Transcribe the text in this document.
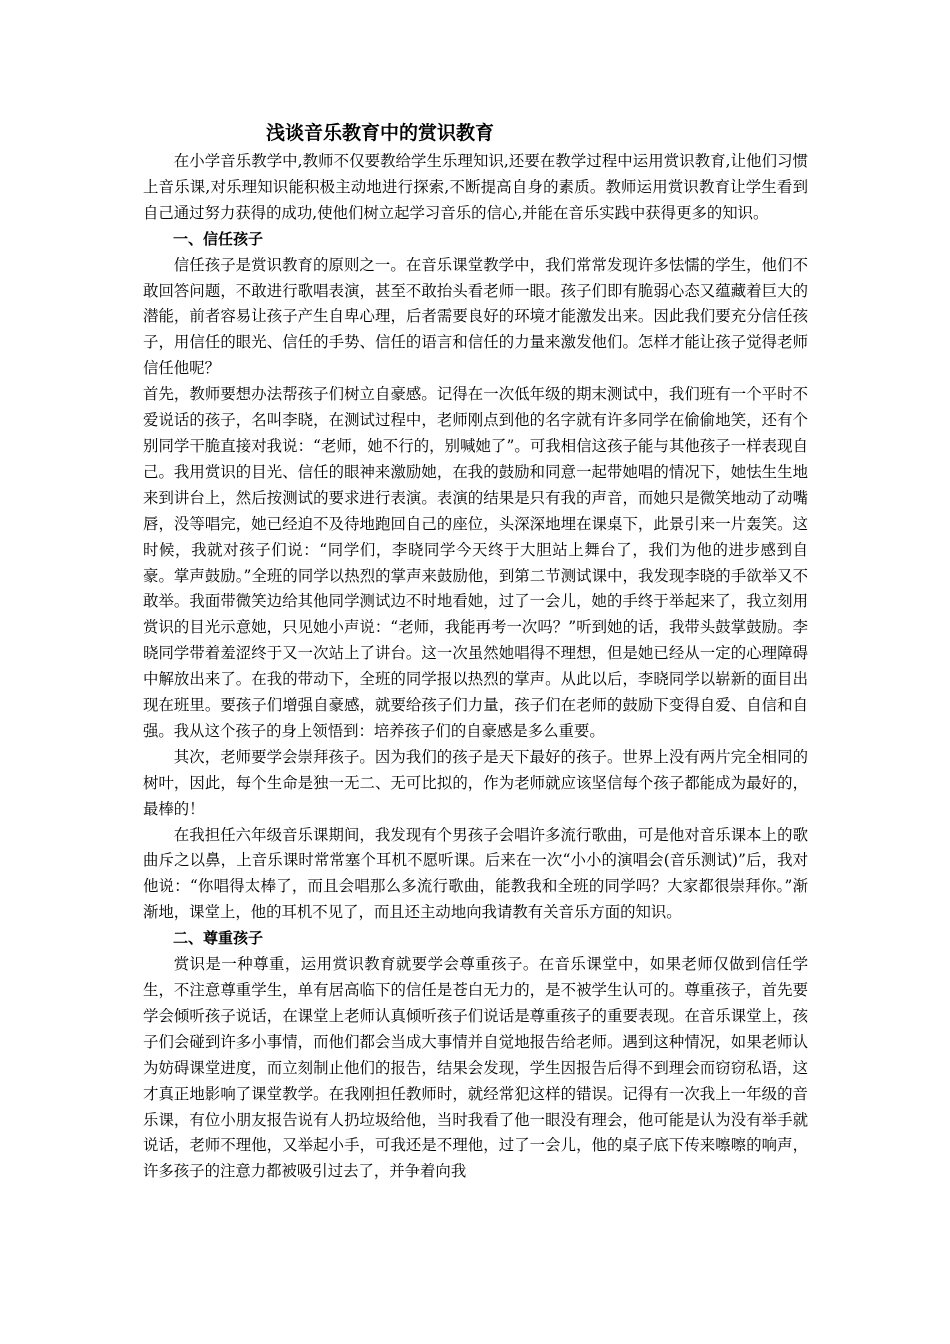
浅谈音乐教育中的赏识教育

在小学音乐教学中,教师不仅要教给学生乐理知识,还要在教学过程中运用赏识教育,让他们习惯上音乐课,对乐理知识能积极主动地进行探索,不断提高自身的素质。教师运用赏识教育让学生看到自己通过努力获得的成功,使他们树立起学习音乐的信心,并能在音乐实践中获得更多的知识。

一、信任孩子

信任孩子是赏识教育的原则之一。在音乐课堂教学中，我们常常发现许多怯懦的学生，他们不敢回答问题，不敢进行歌唱表演，甚至不敢抬头看老师一眼。孩子们即有脆弱心态又蕴藏着巨大的潜能，前者容易让孩子产生自卑心理，后者需要良好的环境才能激发出来。因此我们要充分信任孩子，用信任的眼光、信任的手势、信任的语言和信任的力量来激发他们。怎样才能让孩子觉得老师信任他呢？

首先，教师要想办法帮孩子们树立自豪感。记得在一次低年级的期末测试中，我们班有一个平时不爱说话的孩子，名叫李晓，在测试过程中，老师刚点到他的名字就有许多同学在偷偷地笑，还有个别同学干脆直接对我说：“老师，她不行的，别喊她了”。可我相信这孩子能与其他孩子一样表现自己。我用赏识的目光、信任的眼神来激励她，在我的鼓励和同意一起带她唱的情况下，她怯生生地来到讲台上，然后按测试的要求进行表演。表演的结果是只有我的声音，而她只是微笑地动了动嘴唇，没等唱完，她已经迫不及待地跑回自己的座位，头深深地埋在课桌下，此景引来一片轰笑。这时候，我就对孩子们说：“同学们，李晓同学今天终于大胆站上舞台了，我们为他的进步感到自豪。掌声鼓励。”全班的同学以热烈的掌声来鼓励他，到第二节测试课中，我发现李晓的手欲举又不敢举。我面带微笑边给其他同学测试边不时地看她，过了一会儿，她的手终于举起来了，我立刻用赏识的目光示意她，只见她小声说：“老师，我能再考一次吗？”听到她的话，我带头鼓掌鼓励。李晓同学带着羞涩终于又一次站上了讲台。这一次虽然她唱得不理想，但是她已经从一定的心理障碍中解放出来了。在我的带动下，全班的同学报以热烈的掌声。从此以后，李晓同学以崭新的面目出现在班里。要孩子们增强自豪感，就要给孩子们力量，孩子们在老师的鼓励下变得自爱、自信和自强。我从这个孩子的身上领悟到：培养孩子们的自豪感是多么重要。

其次，老师要学会崇拜孩子。因为我们的孩子是天下最好的孩子。世界上没有两片完全相同的树叶，因此，每个生命是独一无二、无可比拟的，作为老师就应该坚信每个孩子都能成为最好的，最棒的！

在我担任六年级音乐课期间，我发现有个男孩子会唱许多流行歌曲，可是他对音乐课本上的歌曲斥之以鼻，上音乐课时常常塞个耳机不愿听课。后来在一次“小小的演唱会(音乐测试)”后，我对他说：“你唱得太棒了，而且会唱那么多流行歌曲，能教我和全班的同学吗？大家都很崇拜你。”渐渐地，课堂上，他的耳机不见了，而且还主动地向我请教有关音乐方面的知识。

二、尊重孩子

赏识是一种尊重，运用赏识教育就要学会尊重孩子。在音乐课堂中，如果老师仅做到信任学生，不注意尊重学生，单有居高临下的信任是苍白无力的，是不被学生认可的。尊重孩子，首先要学会倾听孩子说话，在课堂上老师认真倾听孩子们说话是尊重孩子的重要表现。在音乐课堂上，孩子们会碰到许多小事情，而他们都会当成大事情并自觉地报告给老师。遇到这种情况，如果老师认为妨碍课堂进度，而立刻制止他们的报告，结果会发现，学生因报告后得不到理会而窃窃私语，这才真正地影响了课堂教学。在我刚担任教师时，就经常犯这样的错误。记得有一次我上一年级的音乐课，有位小朋友报告说有人扔垃圾给他，当时我看了他一眼没有理会，他可能是认为没有举手就说话，老师不理他，又举起小手，可我还是不理他，过了一会儿，他的桌子底下传来嚓嚓的响声，许多孩子的注意力都被吸引过去了，并争着向我
